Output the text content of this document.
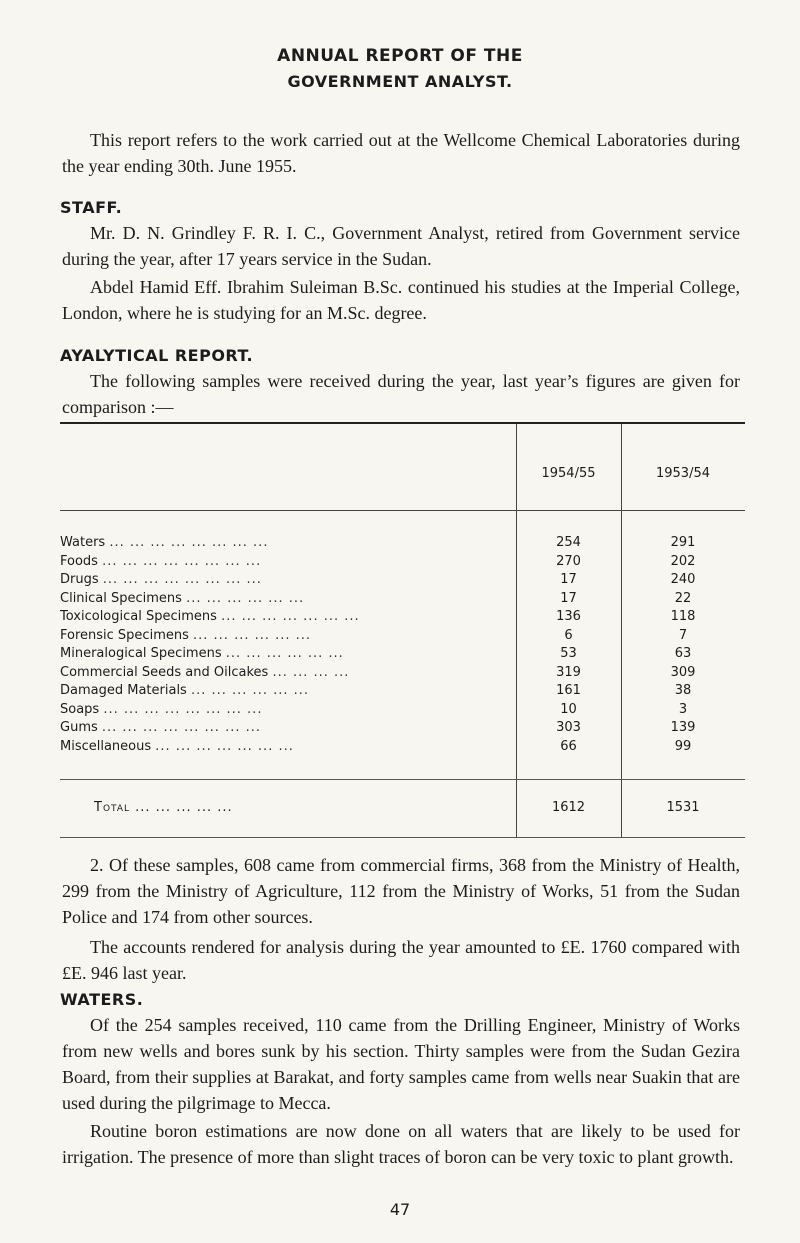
ANNUAL REPORT OF THE
GOVERNMENT ANALYST.

This report refers to the work carried out at the Wellcome Chemical Laboratories during the year ending 30th. June 1955.

STAFF.

Mr. D. N. Grindley F. R. I. C., Government Analyst, retired from Government service during the year, after 17 years service in the Sudan.

Abdel Hamid Eff. Ibrahim Suleiman B.Sc. continued his studies at the Imperial College, London, where he is studying for an M.Sc. degree.

AYALYTICAL REPORT.

The following samples were received during the year, last year’s figures are given for comparison :—

1954/55	1953/54
Waters ... ... ... ... ... ... ... ...	254	291
Foods ... ... ... ... ... ... ... ...	270	202
Drugs ... ... ... ... ... ... ... ...	17	240
Clinical Specimens ... ... ... ... ... ...	17	22
Toxicological Specimens ... ... ... ... ... ... ...	136	118
Forensic Specimens ... ... ... ... ... ...	6	7
Mineralogical Specimens ... ... ... ... ... ...	53	63
Commercial Seeds and Oilcakes ... ... ... ...	319	309
Damaged Materials ... ... ... ... ... ...	161	38
Soaps ... ... ... ... ... ... ... ...	10	3
Gums ... ... ... ... ... ... ... ...	303	139
Miscellaneous ... ... ... ... ... ... ...	66	99
Total ... ... ... ... ...	1612	1531

2. Of these samples, 608 came from commercial firms, 368 from the Ministry of Health, 299 from the Ministry of Agriculture, 112 from the Ministry of Works, 51 from the Sudan Police and 174 from other sources.

The accounts rendered for analysis during the year amounted to £E. 1760 compared with £E. 946 last year.

WATERS.

Of the 254 samples received, 110 came from the Drilling Engineer, Ministry of Works from new wells and bores sunk by his section. Thirty samples were from the Sudan Gezira Board, from their supplies at Barakat, and forty samples came from wells near Suakin that are used during the pilgrimage to Mecca.

Routine boron estimations are now done on all waters that are likely to be used for irrigation. The presence of more than slight traces of boron can be very toxic to plant growth.

47
